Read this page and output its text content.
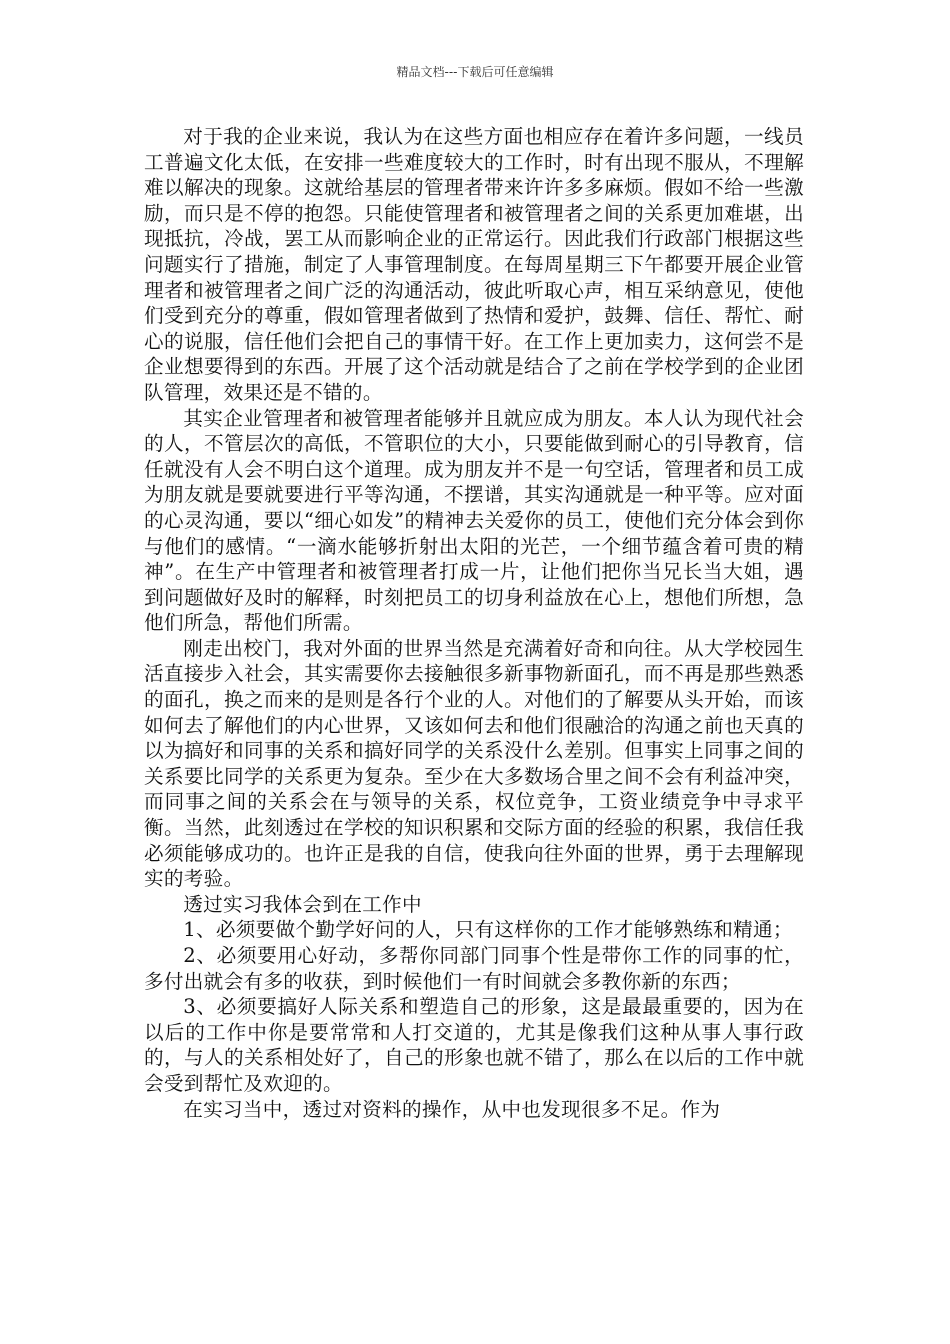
精品文档---下载后可任意编辑

对于我的企业来说，我认为在这些方面也相应存在着许多问题，一线员工普遍文化太低，在安排一些难度较大的工作时，时有出现不服从，不理解难以解决的现象。这就给基层的管理者带来许许多多麻烦。假如不给一些激励，而只是不停的抱怨。只能使管理者和被管理者之间的关系更加难堪，出现抵抗，冷战，罢工从而影响企业的正常运行。因此我们行政部门根据这些问题实行了措施，制定了人事管理制度。在每周星期三下午都要开展企业管理者和被管理者之间广泛的沟通活动，彼此听取心声，相互采纳意见，使他们受到充分的尊重，假如管理者做到了热情和爱护，鼓舞、信任、帮忙、耐心的说服，信任他们会把自己的事情干好。在工作上更加卖力，这何尝不是企业想要得到的东西。开展了这个活动就是结合了之前在学校学到的企业团队管理，效果还是不错的。

其实企业管理者和被管理者能够并且就应成为朋友。本人认为现代社会的人，不管层次的高低，不管职位的大小，只要能做到耐心的引导教育，信任就没有人会不明白这个道理。成为朋友并不是一句空话，管理者和员工成为朋友就是要就要进行平等沟通，不摆谱，其实沟通就是一种平等。应对面的心灵沟通，要以“细心如发”的精神去关爱你的员工，使他们充分体会到你与他们的感情。“一滴水能够折射出太阳的光芒，一个细节蕴含着可贵的精神”。在生产中管理者和被管理者打成一片，让他们把你当兄长当大姐，遇到问题做好及时的解释，时刻把员工的切身利益放在心上，想他们所想，急他们所急，帮他们所需。

刚走出校门，我对外面的世界当然是充满着好奇和向往。从大学校园生活直接步入社会，其实需要你去接触很多新事物新面孔，而不再是那些熟悉的面孔，换之而来的是则是各行个业的人。对他们的了解要从头开始，而该如何去了解他们的内心世界，又该如何去和他们很融洽的沟通之前也天真的以为搞好和同事的关系和搞好同学的关系没什么差别。但事实上同事之间的关系要比同学的关系更为复杂。至少在大多数场合里之间不会有利益冲突，而同事之间的关系会在与领导的关系，权位竞争，工资业绩竞争中寻求平衡。当然，此刻透过在学校的知识积累和交际方面的经验的积累，我信任我必须能够成功的。也许正是我的自信，使我向往外面的世界，勇于去理解现实的考验。

透过实习我体会到在工作中

1、必须要做个勤学好问的人，只有这样你的工作才能够熟练和精通；

2、必须要用心好动，多帮你同部门同事个性是带你工作的同事的忙，多付出就会有多的收获，到时候他们一有时间就会多教你新的东西；

3、必须要搞好人际关系和塑造自己的形象，这是最最重要的，因为在以后的工作中你是要常常和人打交道的，尤其是像我们这种从事人事行政的，与人的关系相处好了，自己的形象也就不错了，那么在以后的工作中就会受到帮忙及欢迎的。

在实习当中，透过对资料的操作，从中也发现很多不足。作为
